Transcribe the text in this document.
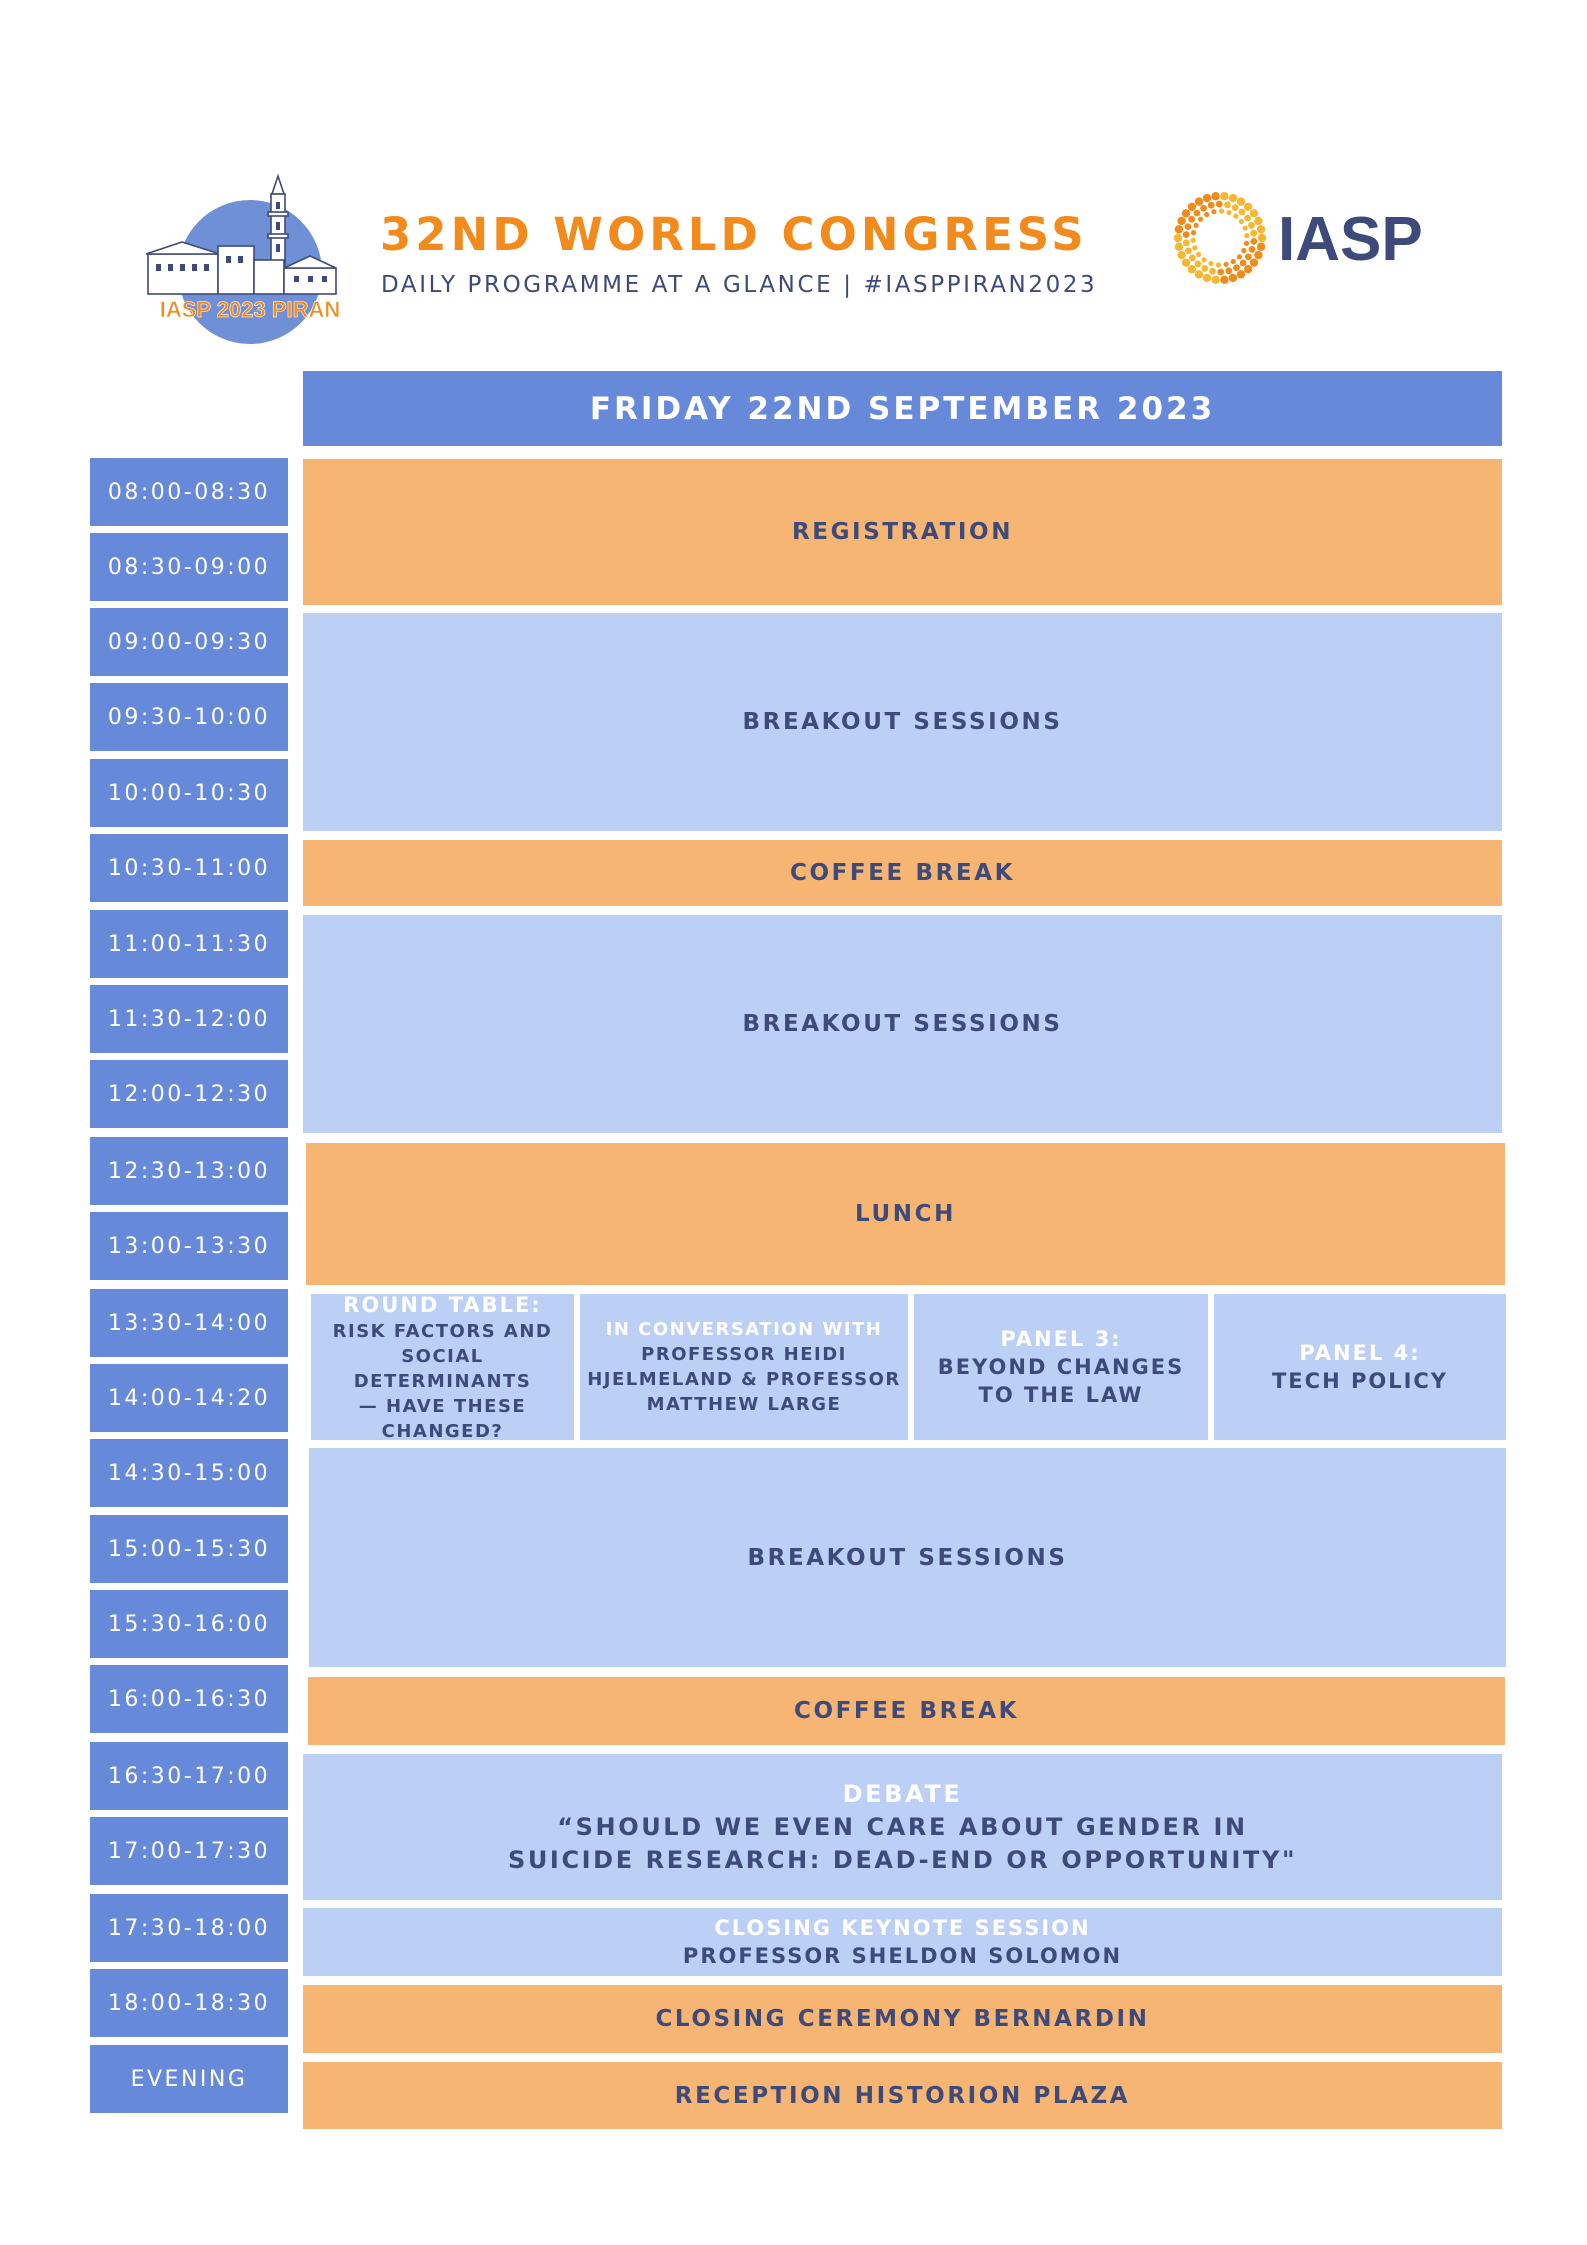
IASP 2023 PIRAN
32ND WORLD CONGRESS
DAILY PROGRAMME AT A GLANCE | #IASPPIRAN2023
IASP
FRIDAY 22ND SEPTEMBER 2023
08:00-08:30
08:30-09:00
09:00-09:30
09:30-10:00
10:00-10:30
10:30-11:00
11:00-11:30
11:30-12:00
12:00-12:30
12:30-13:00
13:00-13:30
13:30-14:00
14:00-14:20
14:30-15:00
15:00-15:30
15:30-16:00
16:00-16:30
16:30-17:00
17:00-17:30
17:30-18:00
18:00-18:30
EVENING
REGISTRATION
BREAKOUT SESSIONS
COFFEE BREAK
BREAKOUT SESSIONS
LUNCH
ROUND TABLE:
RISK FACTORS AND
SOCIAL DETERMINANTS
— HAVE THESE
CHANGED?
IN CONVERSATION WITH
PROFESSOR HEIDI
HJELMELAND & PROFESSOR
MATTHEW LARGE
PANEL 3:
BEYOND CHANGES
TO THE LAW
PANEL 4:
TECH POLICY
BREAKOUT SESSIONS
COFFEE BREAK
DEBATE
“SHOULD WE EVEN CARE ABOUT GENDER IN
SUICIDE RESEARCH: DEAD-END OR OPPORTUNITY"
CLOSING KEYNOTE SESSION
PROFESSOR SHELDON SOLOMON
CLOSING CEREMONY BERNARDIN
RECEPTION HISTORION PLAZA
